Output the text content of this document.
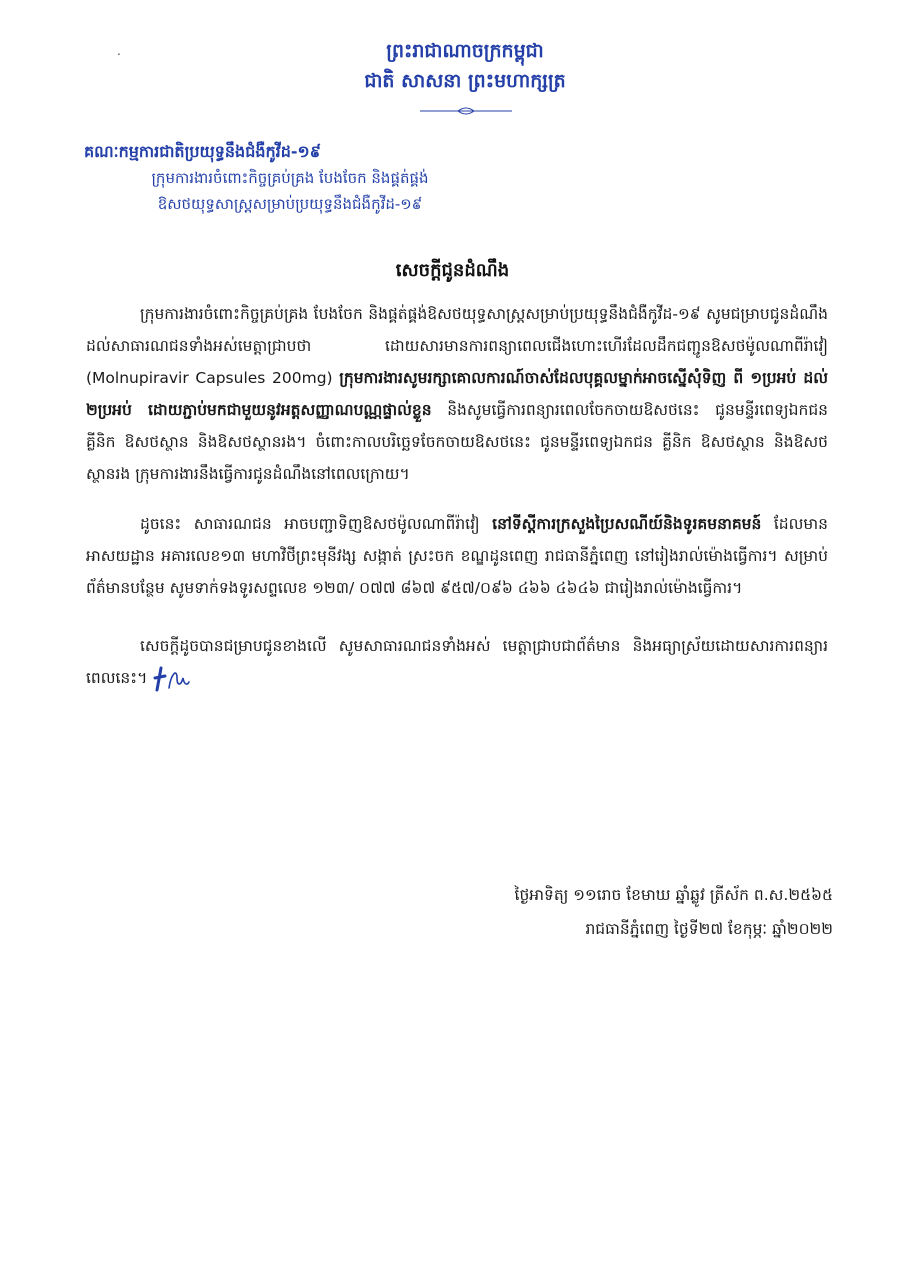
.	ព្រះរាជាណាចក្រកម្ពុជា
ជាតិ សាសនា ព្រះមហាក្សត្រ
គណៈកម្មការជាតិប្រយុទ្ធនឹងជំងឺកូវីដ-១៩
ក្រុមការងារចំពោះកិច្ចគ្រប់គ្រង បែងចែក និងផ្គត់ផ្គង់
ឱសថយុទ្ធសាស្ត្រសម្រាប់ប្រយុទ្ធនឹងជំងឺកូវីដ-១៩
សេចក្តីជូនដំណឹង

ក្រុមការងារចំពោះកិច្ចគ្រប់គ្រង បែងចែក និងផ្គត់ផ្គង់ឱសថយុទ្ធសាស្ត្រសម្រាប់ប្រយុទ្ធនឹងជំងឺកូវីដ-១៩ សូមជម្រាបជូនដំណឹងដល់សាធារណជនទាំងអស់មេត្តាជ្រាបថា ដោយសារមានការពន្យាពេលជើងហោះហើរដែលដឹកជញ្ជូនឱសថម៉ូលណាពីរ៉ាវៀ (Molnupiravir Capsules 200mg) ក្រុមការងារសូមរក្សាគោលការណ៍ចាស់ដែលបុគ្គលម្នាក់អាចស្នើសុំទិញ ពី ១ប្រអប់ ដល់ ២ប្រអប់ ដោយភ្ជាប់មកជាមួយនូវអត្តសញ្ញាណបណ្ណផ្ទាល់ខ្លួន និងសូមធ្វើការពន្យារពេលចែកចាយឱសថនេះ ជូនមន្ទីរពេទ្យឯកជន គ្លីនិក ឱសថស្ថាន និងឱសថស្ថានរង។ ចំពោះកាលបរិច្ឆេទចែកចាយឱសថនេះ ជូនមន្ទីរពេទ្យឯកជន គ្លីនិក ឱសថស្ថាន និងឱសថស្ថានរង ក្រុមការងារនឹងធ្វើការជូនដំណឹងនៅពេលក្រោយ។

ដូចនេះ សាធារណជន អាចបញ្ជាទិញឱសថម៉ូលណាពីរ៉ាវៀ នៅទីស្តីការក្រសួងប្រៃសណីយ៍និងទូរគមនាគមន៍ ដែលមានអាសយដ្ឋាន អគារលេខ១៣ មហាវិថីព្រះមុនីវង្ស សង្កាត់ ស្រះចក ខណ្ឌដូនពេញ រាជធានីភ្នំពេញ នៅរៀងរាល់ម៉ោងធ្វើការ។ សម្រាប់ព័ត៌មានបន្ថែម សូមទាក់ទងទូរសព្ទលេខ ១២៣/ ០៧៧ ៨៦៧ ៩៥៧/០៩៦ ៤៦៦ ៤៦៤៦ ជារៀងរាល់ម៉ោងធ្វើការ។

សេចក្តីដូចបានជម្រាបជូនខាងលើ សូមសាធារណជនទាំងអស់ មេត្តាជ្រាបជាព័ត៌មាន និងអធ្យាស្រ័យដោយសារការពន្យារពេលនេះ។

ថ្ងៃអាទិត្យ ១១រោច ខែមាឃ ឆ្នាំឆ្លូវ ត្រីស័ក ព.ស.២៥៦៥
រាជធានីភ្នំពេញ ថ្ងៃទី២៧ ខែកុម្ភៈ ឆ្នាំ២០២២
